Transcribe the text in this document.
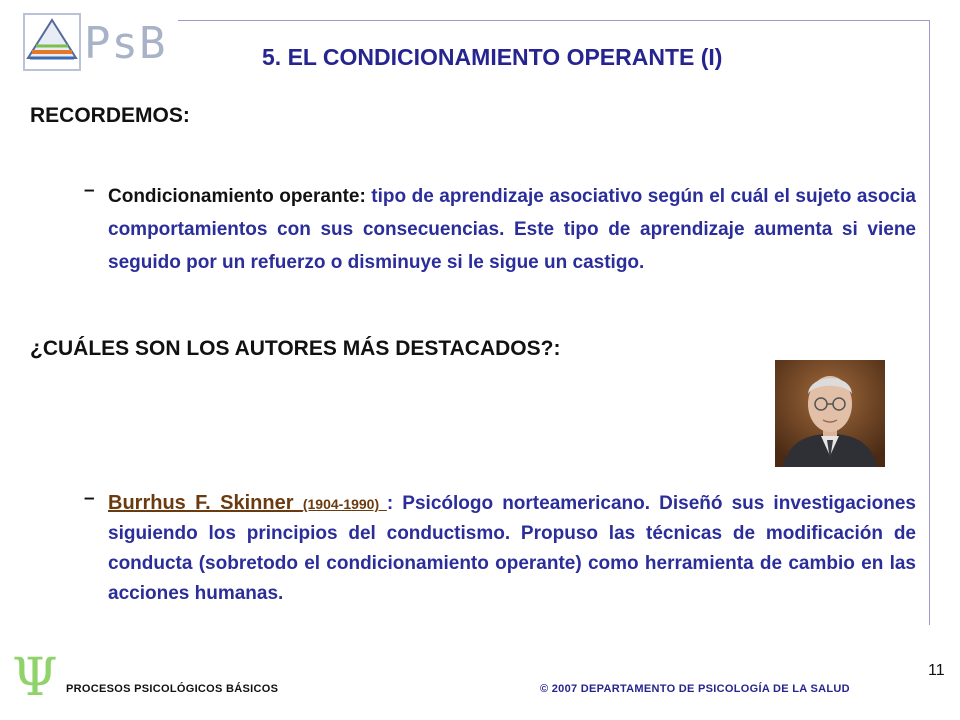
PsB	5. EL CONDICIONAMIENTO OPERANTE (I)
RECORDEMOS:
– Condicionamiento operante: tipo de aprendizaje asociativo según el cuál el sujeto asocia comportamientos con sus consecuencias. Este tipo de aprendizaje aumenta si viene seguido por un refuerzo o disminuye si le sigue un castigo.
¿CUÁLES SON LOS AUTORES MÁS DESTACADOS?:
– Burrhus F. Skinner (1904-1990) : Psicólogo norteamericano. Diseñó sus investigaciones siguiendo los principios del conductismo. Propuso las técnicas de modificación de conducta (sobretodo el condicionamiento operante) como herramienta de cambio en las acciones humanas.
Ψ PROCESOS PSICOLÓGICOS BÁSICOS	© 2007 DEPARTAMENTO DE PSICOLOGÍA DE LA SALUD
11
